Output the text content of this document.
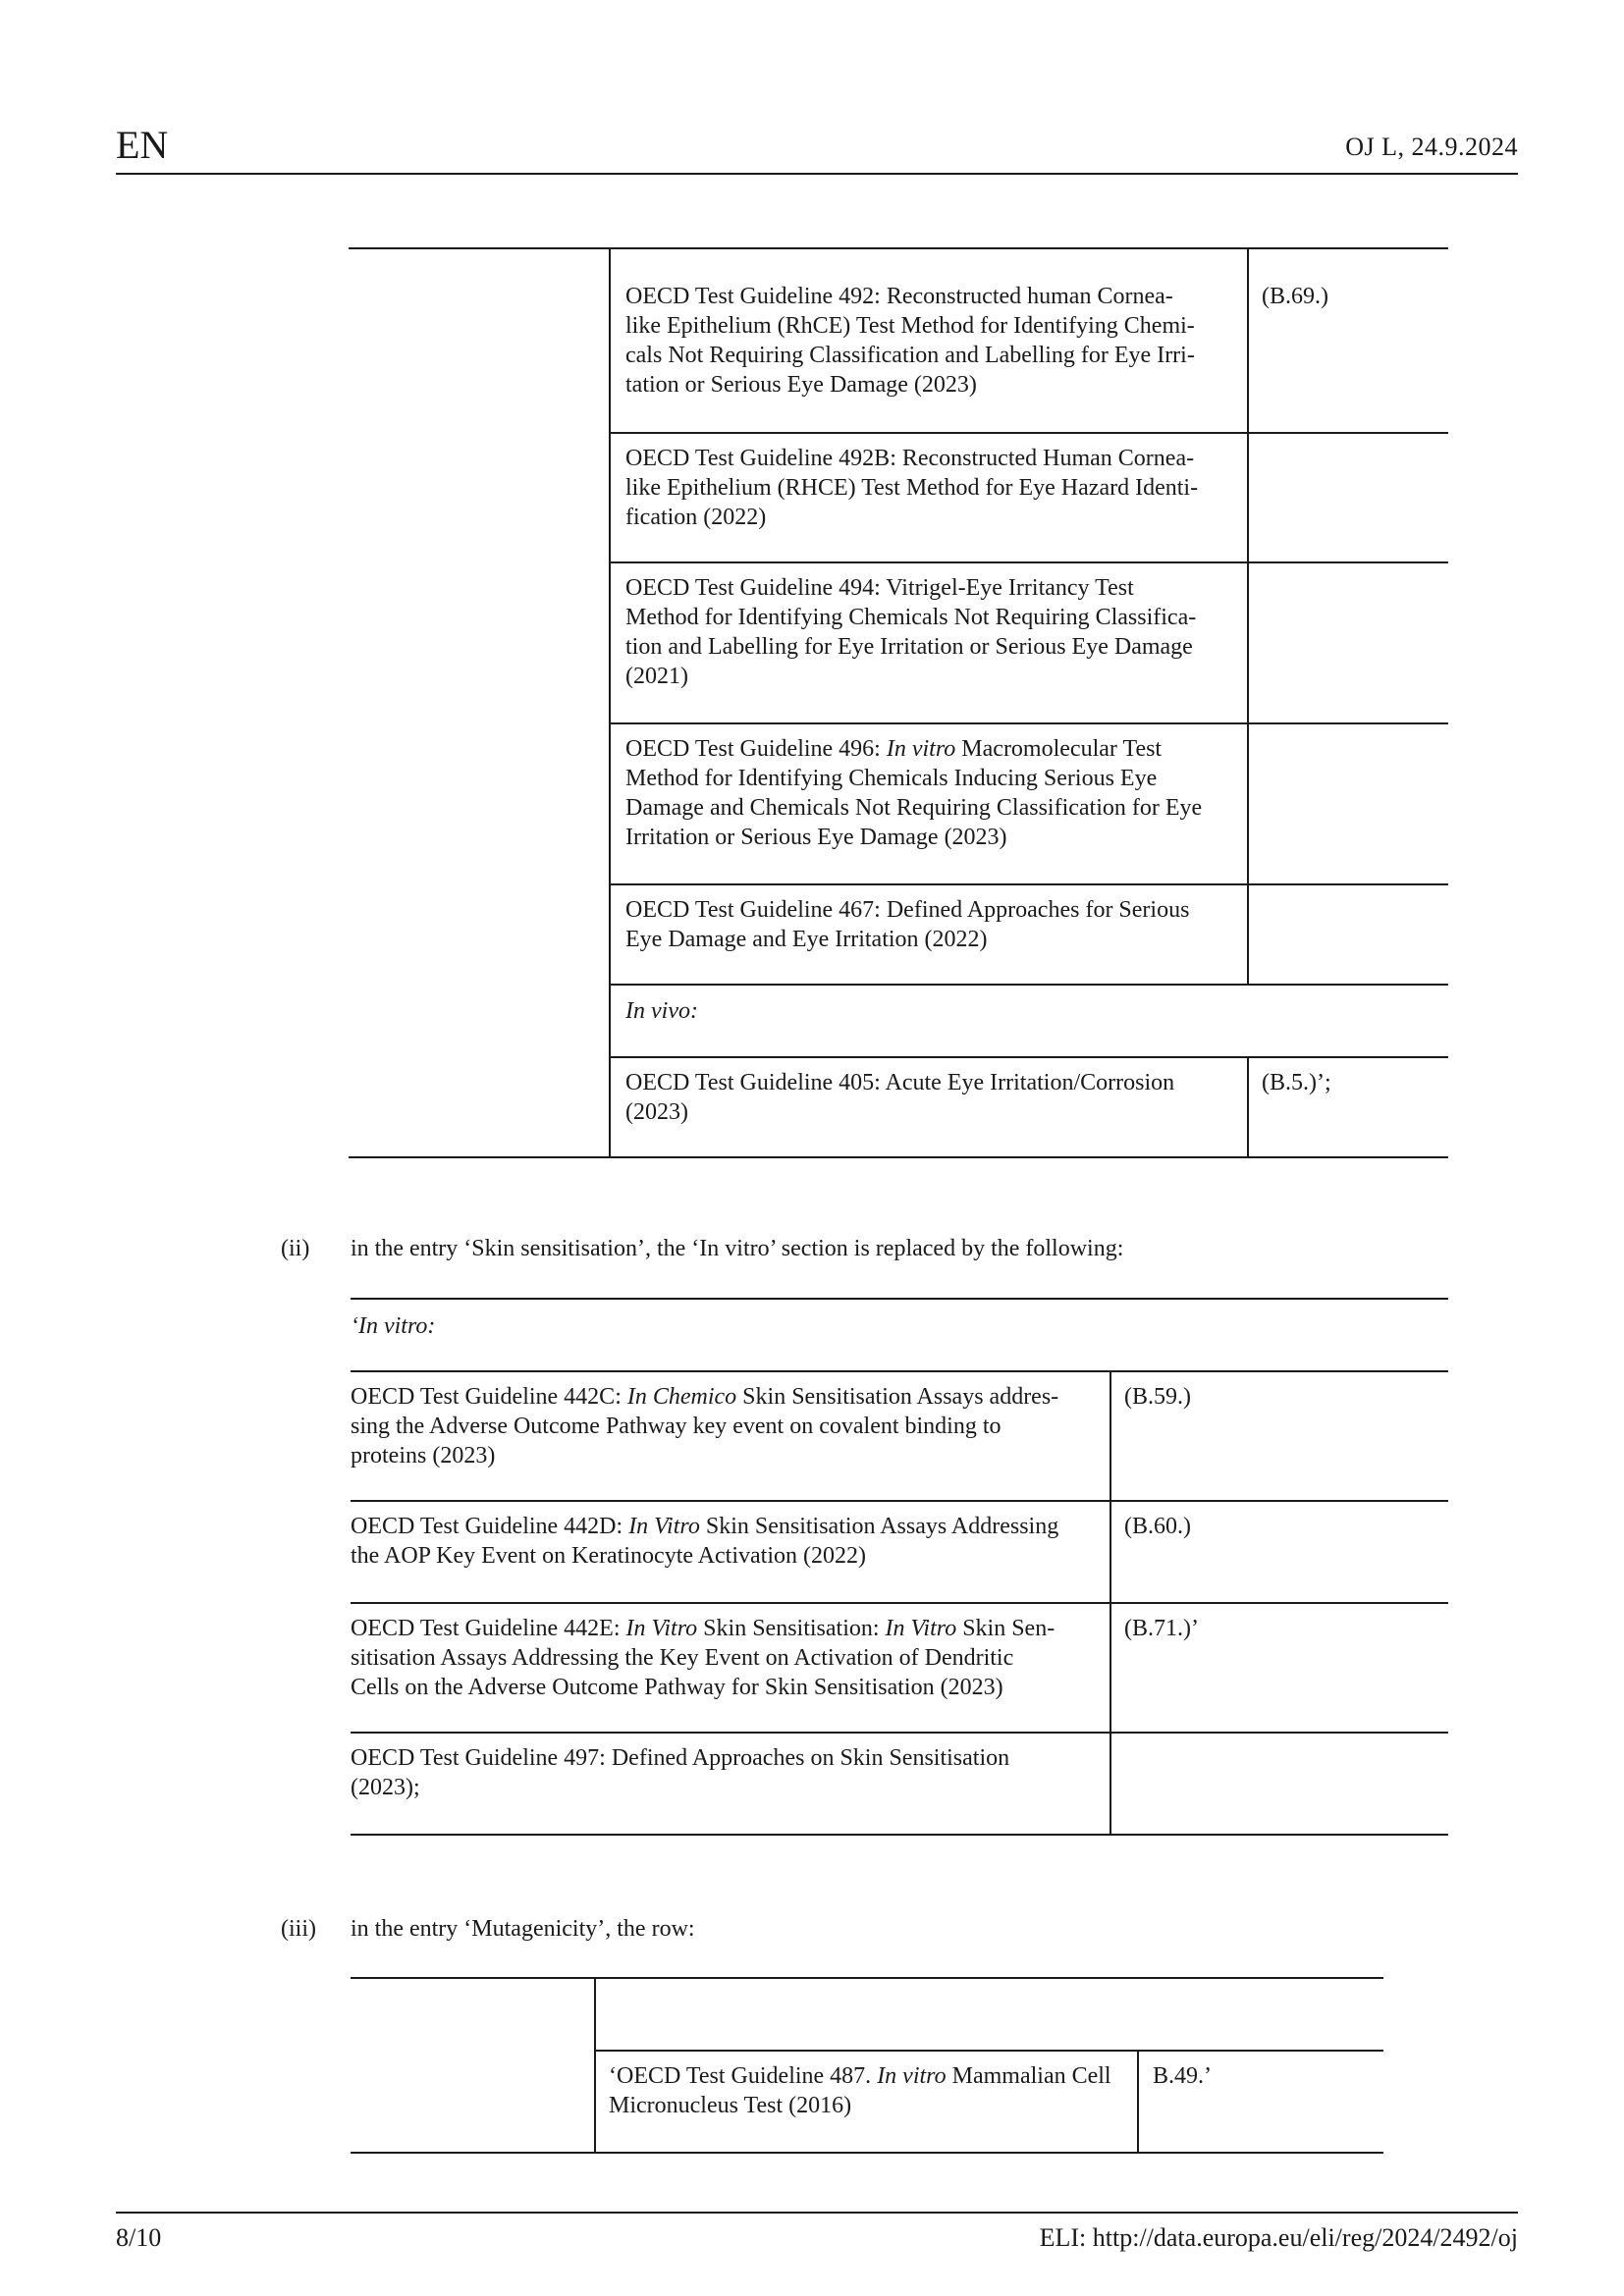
EN	OJ L, 24.9.2024
OECD Test Guideline 492: Reconstructed human Cornea-
like Epithelium (RhCE) Test Method for Identifying Chemi-
cals Not Requiring Classification and Labelling for Eye Irri-
tation or Serious Eye Damage (2023)
(B.69.)
OECD Test Guideline 492B: Reconstructed Human Cornea-
like Epithelium (RHCE) Test Method for Eye Hazard Identi-
fication (2022)
OECD Test Guideline 494: Vitrigel-Eye Irritancy Test
Method for Identifying Chemicals Not Requiring Classifica-
tion and Labelling for Eye Irritation or Serious Eye Damage
(2021)
OECD Test Guideline 496: In vitro Macromolecular Test
Method for Identifying Chemicals Inducing Serious Eye
Damage and Chemicals Not Requiring Classification for Eye
Irritation or Serious Eye Damage (2023)
OECD Test Guideline 467: Defined Approaches for Serious
Eye Damage and Eye Irritation (2022)
In vivo:
OECD Test Guideline 405: Acute Eye Irritation/Corrosion
(2023)
(B.5.)’;
(ii) in the entry ‘Skin sensitisation’, the ‘In vitro’ section is replaced by the following:
‘In vitro:
OECD Test Guideline 442C: In Chemico Skin Sensitisation Assays addres-
sing the Adverse Outcome Pathway key event on covalent binding to
proteins (2023)
(B.59.)
OECD Test Guideline 442D: In Vitro Skin Sensitisation Assays Addressing
the AOP Key Event on Keratinocyte Activation (2022)
(B.60.)
OECD Test Guideline 442E: In Vitro Skin Sensitisation: In Vitro Skin Sen-
sitisation Assays Addressing the Key Event on Activation of Dendritic
Cells on the Adverse Outcome Pathway for Skin Sensitisation (2023)
(B.71.)’
OECD Test Guideline 497: Defined Approaches on Skin Sensitisation
(2023);
(iii) in the entry ‘Mutagenicity’, the row:
‘OECD Test Guideline 487. In vitro Mammalian Cell
Micronucleus Test (2016)
B.49.’
8/10	ELI: http://data.europa.eu/eli/reg/2024/2492/oj
